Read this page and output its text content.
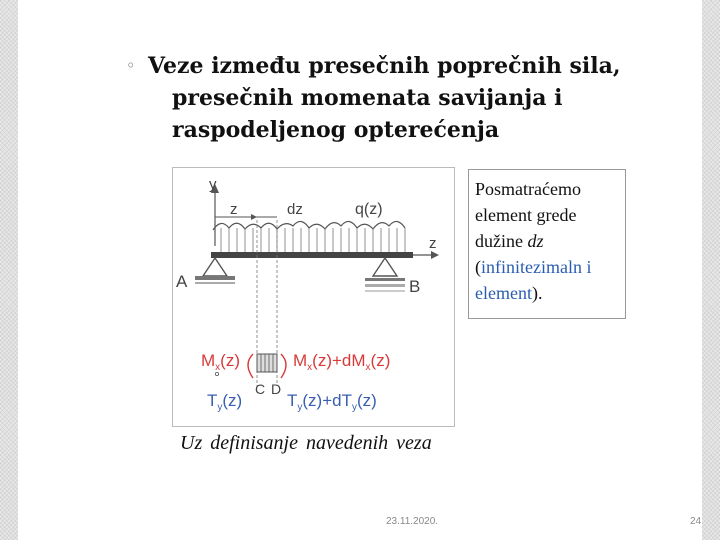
◦ Veze između presečnih poprečnih sila, presečnih momenata savijanja i raspodeljenog opterećenja
y
z	dz	q(z)
z
A	B
$M_x(z)$	$M_x(z)+dM_x(z)$
C D
$T_y(z)$	$T_y(z)+dT_y(z)$
Posmatraćemo element grede dužine dz
(infinitezimaln i element).
Uz definisanje navedenih veza
23.11.2020.	24
